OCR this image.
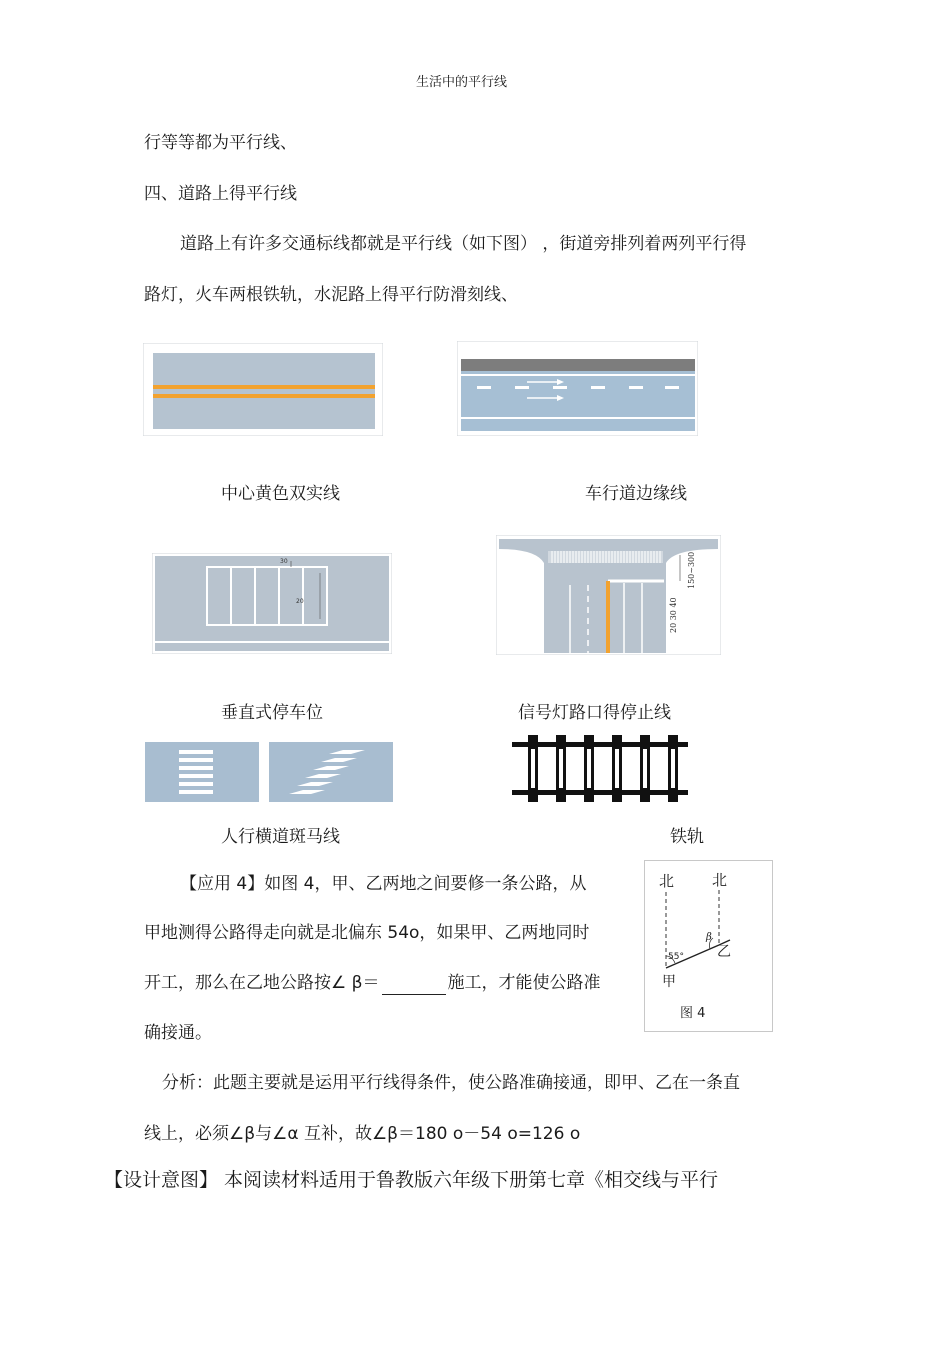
生活中的平行线
行等等都为平行线、
四、道路上得平行线
道路上有许多交通标线都就是平行线（如下图） ，街道旁排列着两列平行得
路灯，火车两根铁轨，水泥路上得平行防滑刻线、
中心黄色双实线	车行道边缘线
30
20
150~300
20 30 40
垂直式停车位	信号灯路口得停止线
人行横道斑马线	铁轨
【应用 4】如图 4，甲、乙两地之间要修一条公路，从
甲地测得公路得走向就是北偏东 54o，如果甲、乙两地同时
开工，那么在乙地公路按∠ β＝	施工，才能使公路准
确接通。
北	北
55°
β
甲
乙
图 4
分析：此题主要就是运用平行线得条件，使公路准确接通，即甲、乙在一条直
线上，必须∠β与∠α 互补，故∠β＝180 o－54 o=126 o
【设计意图】 本阅读材料适用于鲁教版六年级下册第七章《相交线与平行
